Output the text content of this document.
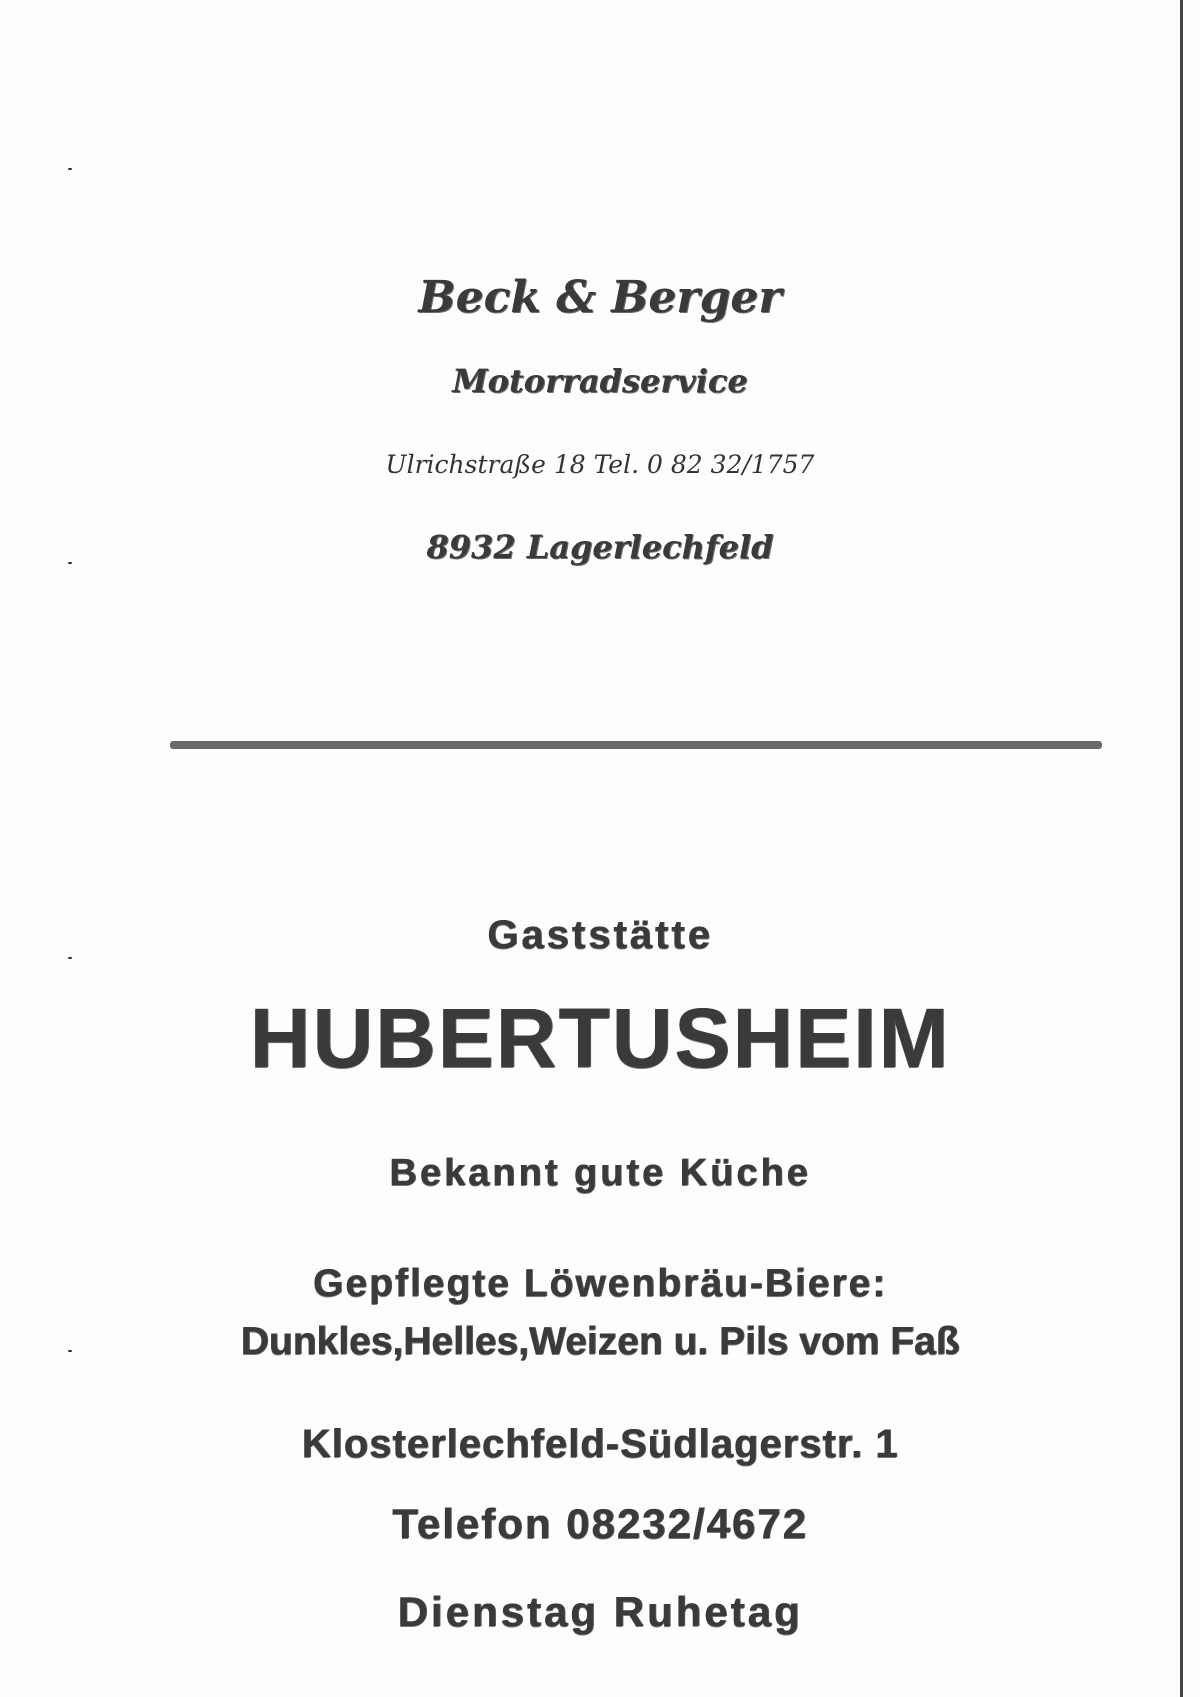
Beck & Berger
Motorradservice
Ulrichstraße 18 Tel. 0 82 32/1757
8932 Lagerlechfeld
Gaststätte
HUBERTUSHEIM
Bekannt gute Küche
Gepflegte Löwenbräu-Biere:
Dunkles,Helles,Weizen u. Pils vom Faß
Klosterlechfeld-Südlagerstr. 1
Telefon 08232/4672
Dienstag Ruhetag
